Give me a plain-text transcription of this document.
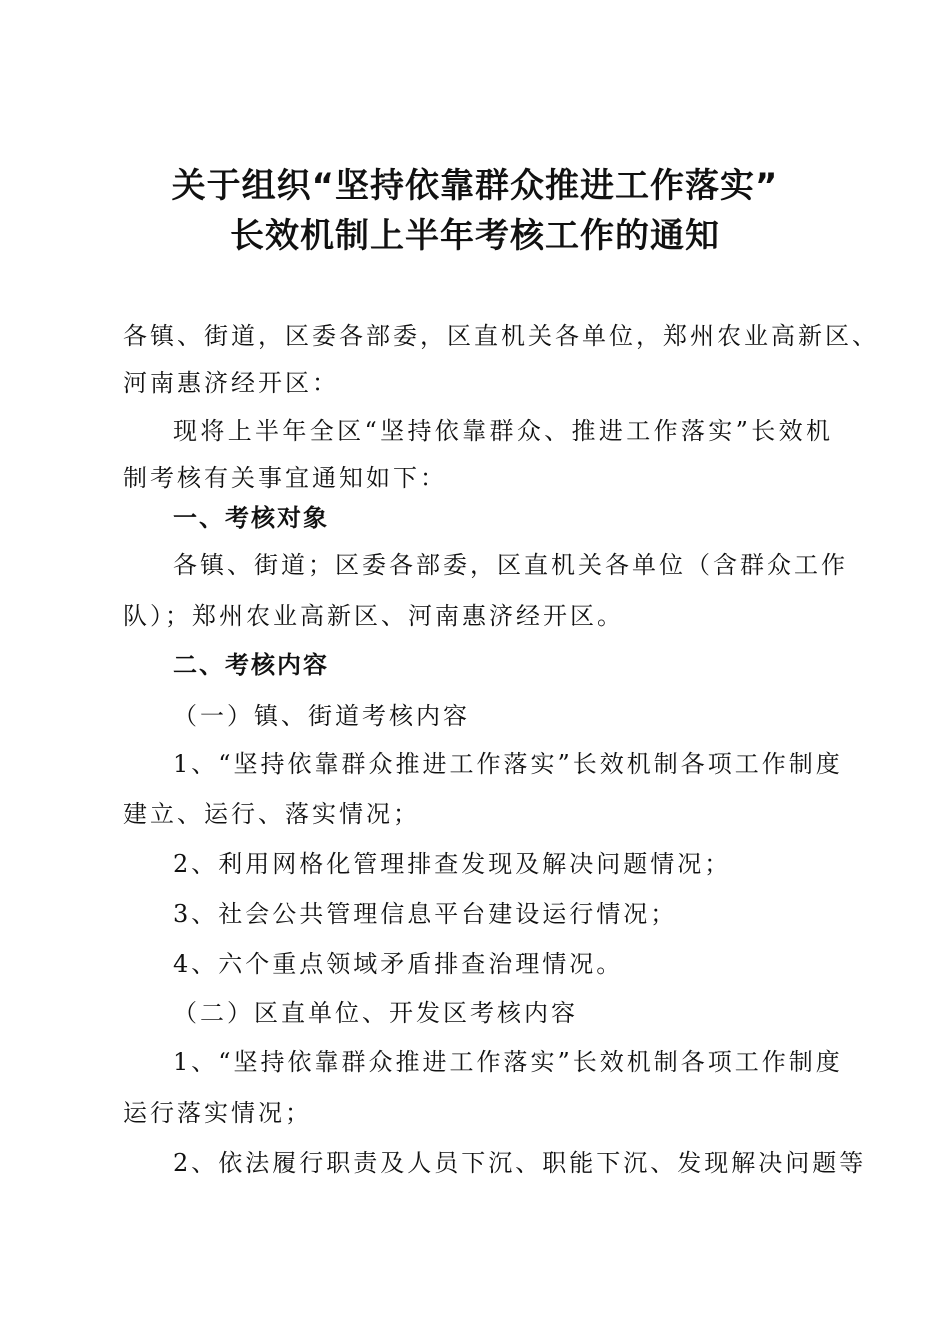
关于组织“坚持依靠群众推进工作落实”
长效机制上半年考核工作的通知
各镇、街道，区委各部委，区直机关各单位，郑州农业高新区、
河南惠济经开区：
现将上半年全区“坚持依靠群众、推进工作落实”长效机
制考核有关事宜通知如下：
一、考核对象
各镇、街道；区委各部委，区直机关各单位（含群众工作
队）；郑州农业高新区、河南惠济经开区。
二、考核内容
（一）镇、街道考核内容
1、“坚持依靠群众推进工作落实”长效机制各项工作制度
建立、运行、落实情况；
2、利用网格化管理排查发现及解决问题情况；
3、社会公共管理信息平台建设运行情况；
4、六个重点领域矛盾排查治理情况。
（二）区直单位、开发区考核内容
1、“坚持依靠群众推进工作落实”长效机制各项工作制度
运行落实情况；
2、依法履行职责及人员下沉、职能下沉、发现解决问题等
